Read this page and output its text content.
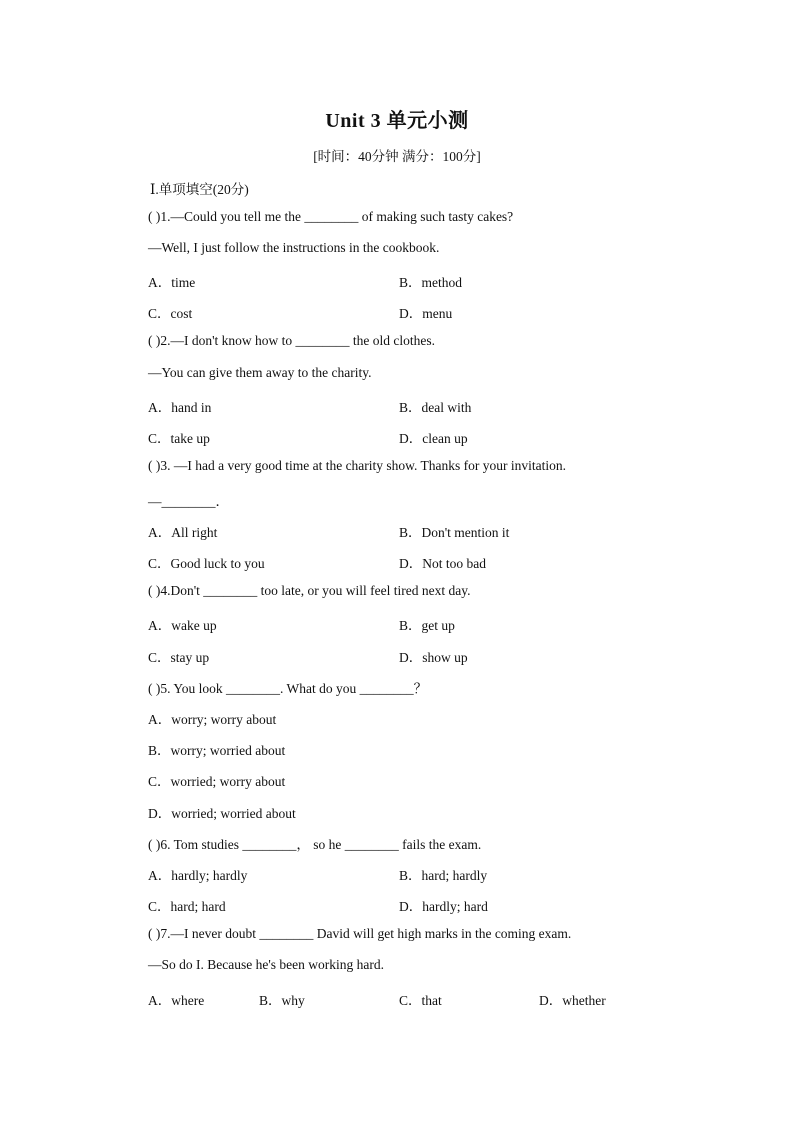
Unit 3 单元小测
[时间：40分钟 满分：100分]
Ⅰ.单项填空(20分)
( )1.—Could you tell me the ________ of making such tasty cakes?
—Well, I just follow the instructions in the cookbook.
A．time	B．method
C．cost	D．menu
( )2.—I don't know how to ________ the old clothes.
—You can give them away to the charity.
A．hand in	B．deal with
C．take up	D．clean up
( )3. —I had a very good time at the charity show. Thanks for your invitation.
—________．
A．All right	B．Don't mention it
C．Good luck to you	D．Not too bad
( )4.Don't ________ too late, or you will feel tired next day.
A．wake up	B．get up
C．stay up	D．show up
( )5. You look ________. What do you ________？
A．worry; worry about
B．worry; worried about
C．worried; worry about
D．worried; worried about
( )6. Tom studies ________， so he ________ fails the exam.
A．hardly; hardly	B．hard; hardly
C．hard; hard	D．hardly; hard
( )7.—I never doubt ________ David will get high marks in the coming exam.
—So do I. Because he's been working hard.
A．where	B．why	C．that	D．whether
